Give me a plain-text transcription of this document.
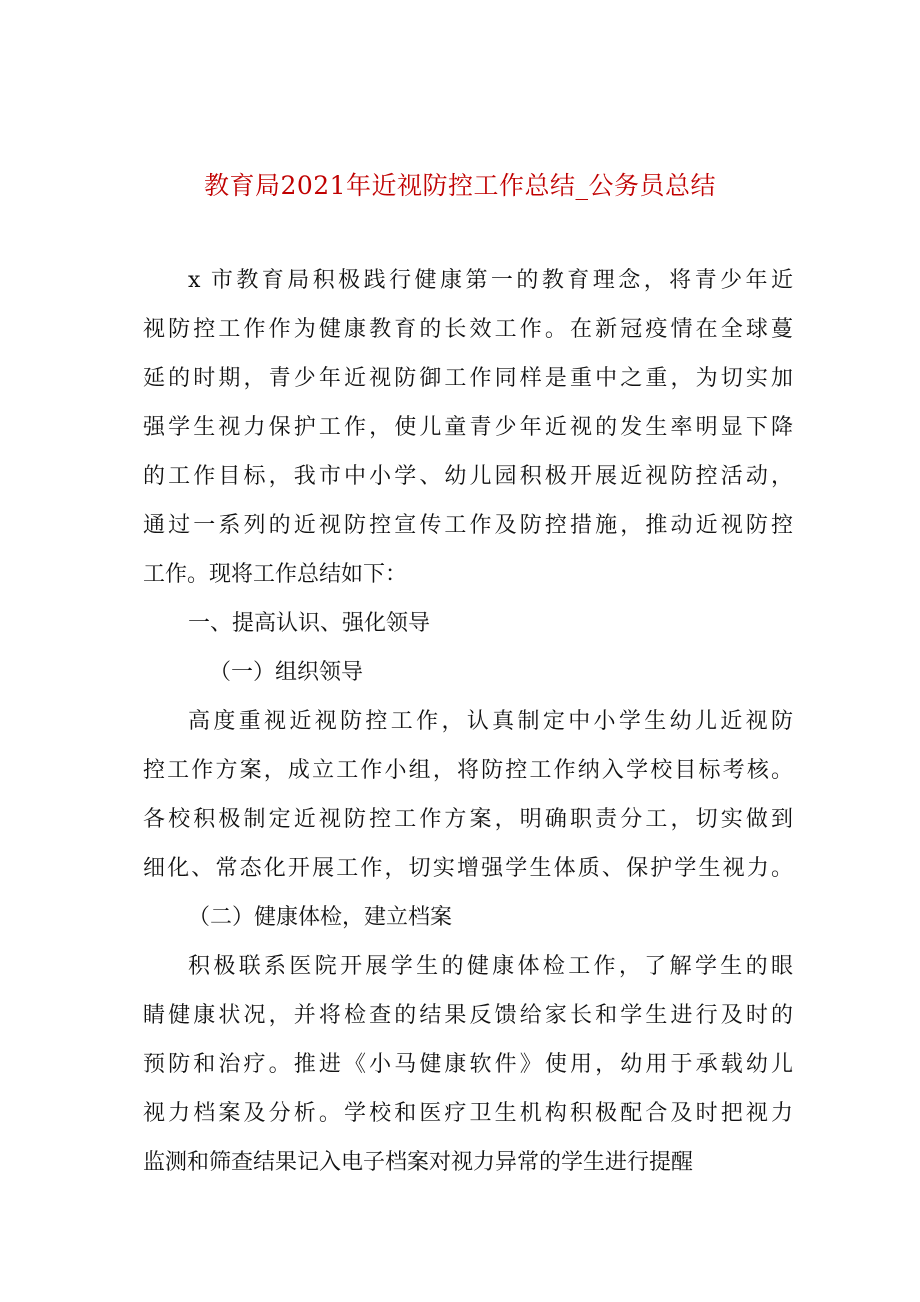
教育局2021年近视防控工作总结_公务员总结
x 市教育局积极践行健康第一的教育理念，将青少年近
视防控工作作为健康教育的长效工作。在新冠疫情在全球蔓
延的时期，青少年近视防御工作同样是重中之重，为切实加
强学生视力保护工作，使儿童青少年近视的发生率明显下降
的工作目标，我市中小学、幼儿园积极开展近视防控活动，
通过一系列的近视防控宣传工作及防控措施，推动近视防控
工作。现将工作总结如下：
一、提高认识、强化领导
（一）组织领导
高度重视近视防控工作，认真制定中小学生幼儿近视防
控工作方案，成立工作小组，将防控工作纳入学校目标考核。
各校积极制定近视防控工作方案，明确职责分工，切实做到
细化、常态化开展工作，切实增强学生体质、保护学生视力。
（二）健康体检，建立档案
积极联系医院开展学生的健康体检工作，了解学生的眼
睛健康状况，并将检查的结果反馈给家长和学生进行及时的
预防和治疗。推进《小马健康软件》使用，幼用于承载幼儿
视力档案及分析。学校和医疗卫生机构积极配合及时把视力
监测和筛查结果记入电子档案对视力异常的学生进行提醒
